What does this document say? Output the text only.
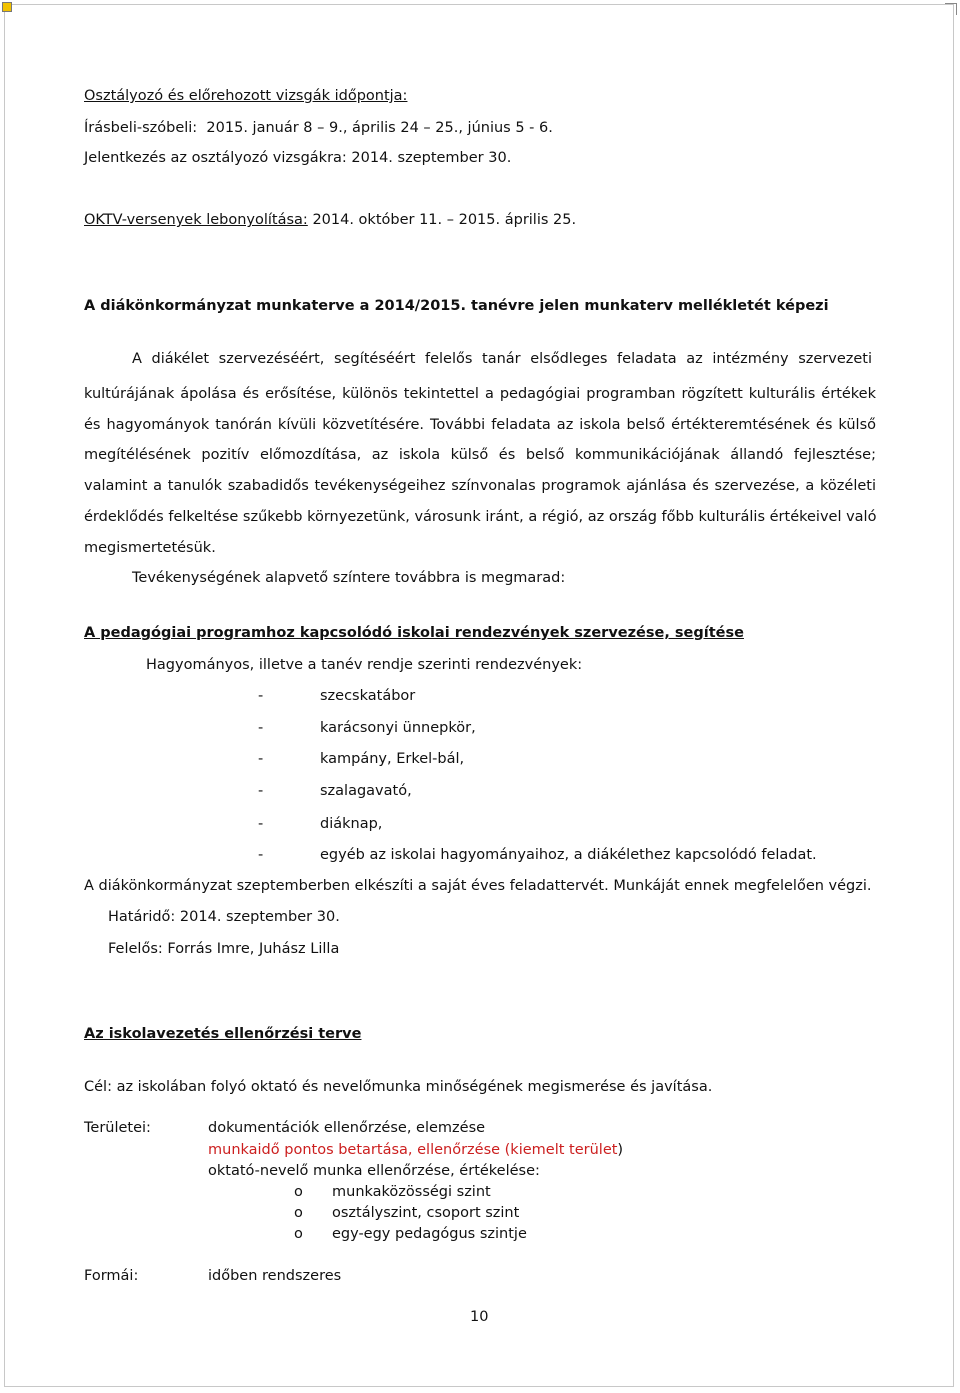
Osztályozó és előrehozott vizsgák időpontja:
Írásbeli-szóbeli: 2015. január 8 – 9., április 24 – 25., június 5 - 6.
Jelentkezés az osztályozó vizsgákra: 2014. szeptember 30.
OKTV-versenyek lebonyolítása: 2014. október 11. – 2015. április 25.
A diákönkormányzat munkaterve a 2014/2015. tanévre jelen munkaterv mellékletét képezi
A diákélet szervezéséért, segítéséért felelős tanár elsődleges feladata az intézmény szervezeti
kultúrájának ápolása és erősítése, különös tekintettel a pedagógiai programban rögzített kulturális értékek
és hagyományok tanórán kívüli közvetítésére. További feladata az iskola belső értékteremtésének és külső
megítélésének pozitív előmozdítása, az iskola külső és belső kommunikációjának állandó fejlesztése;
valamint a tanulók szabadidős tevékenységeihez színvonalas programok ajánlása és szervezése, a közéleti
érdeklődés felkeltése szűkebb környezetünk, városunk iránt, a régió, az ország főbb kulturális értékeivel való
megismertetésük.
Tevékenységének alapvető színtere továbbra is megmarad:
A pedagógiai programhoz kapcsolódó iskolai rendezvények szervezése, segítése
Hagyományos, illetve a tanév rendje szerinti rendezvények:
-	szecskatábor
-	karácsonyi ünnepkör,
-	kampány, Erkel-bál,
-	szalagavató,
-	diáknap,
-	egyéb az iskolai hagyományaihoz, a diákélethez kapcsolódó feladat.
A diákönkormányzat szeptemberben elkészíti a saját éves feladattervét. Munkáját ennek megfelelően végzi.
Határidő: 2014. szeptember 30.
Felelős: Forrás Imre, Juhász Lilla
Az iskolavezetés ellenőrzési terve
Cél: az iskolában folyó oktató és nevelőmunka minőségének megismerése és javítása.
Területei:	dokumentációk ellenőrzése, elemzése
munkaidő pontos betartása, ellenőrzése (kiemelt terület)
oktató-nevelő munka ellenőrzése, értékelése:
o munkaközösségi szint
o osztályszint, csoport szint
o egy-egy pedagógus szintje
Formái:	időben rendszeres
10
